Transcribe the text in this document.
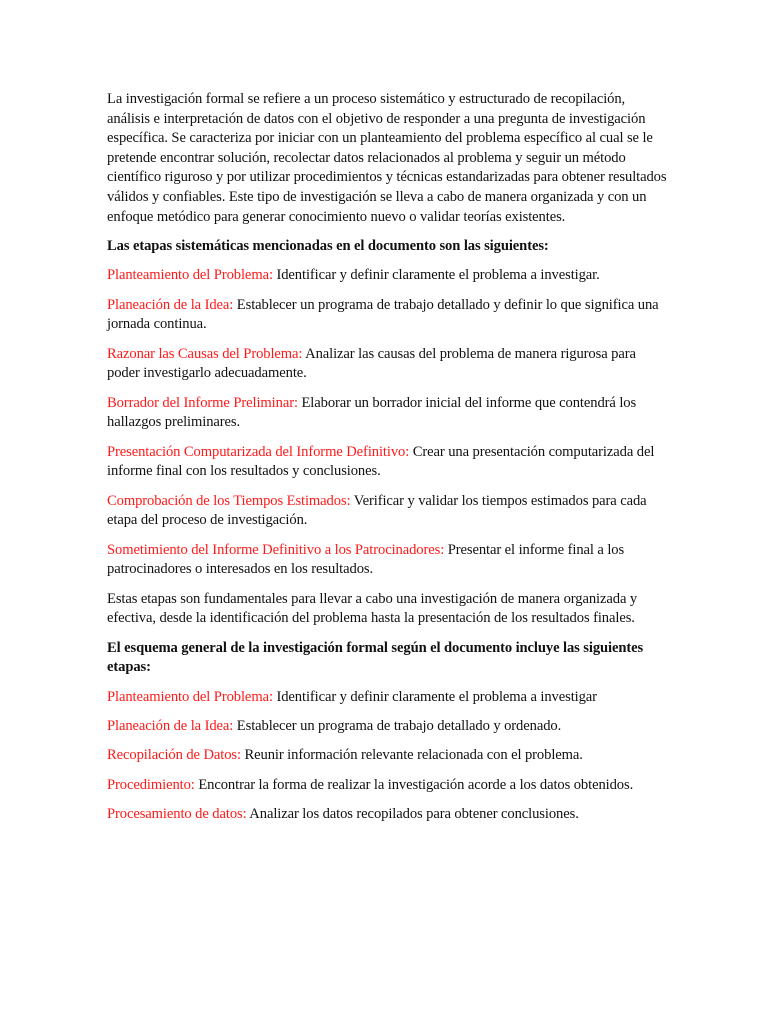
La investigación formal se refiere a un proceso sistemático y estructurado de recopilación, análisis e interpretación de datos con el objetivo de responder a una pregunta de investigación específica. Se caracteriza por iniciar con un planteamiento del problema específico al cual se le pretende encontrar solución, recolectar datos relacionados al problema y seguir un método científico riguroso y por utilizar procedimientos y técnicas estandarizadas para obtener resultados válidos y confiables. Este tipo de investigación se lleva a cabo de manera organizada y con un enfoque metódico para generar conocimiento nuevo o validar teorías existentes.

Las etapas sistemáticas mencionadas en el documento son las siguientes:

Planteamiento del Problema: Identificar y definir claramente el problema a investigar.

Planeación de la Idea: Establecer un programa de trabajo detallado y definir lo que significa una jornada continua.

Razonar las Causas del Problema: Analizar las causas del problema de manera rigurosa para poder investigarlo adecuadamente.

Borrador del Informe Preliminar: Elaborar un borrador inicial del informe que contendrá los hallazgos preliminares.

Presentación Computarizada del Informe Definitivo: Crear una presentación computarizada del informe final con los resultados y conclusiones.

Comprobación de los Tiempos Estimados: Verificar y validar los tiempos estimados para cada etapa del proceso de investigación.

Sometimiento del Informe Definitivo a los Patrocinadores: Presentar el informe final a los patrocinadores o interesados en los resultados.

Estas etapas son fundamentales para llevar a cabo una investigación de manera organizada y efectiva, desde la identificación del problema hasta la presentación de los resultados finales.

El esquema general de la investigación formal según el documento incluye las siguientes etapas:

Planteamiento del Problema: Identificar y definir claramente el problema a investigar

Planeación de la Idea: Establecer un programa de trabajo detallado y ordenado.

Recopilación de Datos: Reunir información relevante relacionada con el problema.

Procedimiento: Encontrar la forma de realizar la investigación acorde a los datos obtenidos.

Procesamiento de datos: Analizar los datos recopilados para obtener conclusiones.
